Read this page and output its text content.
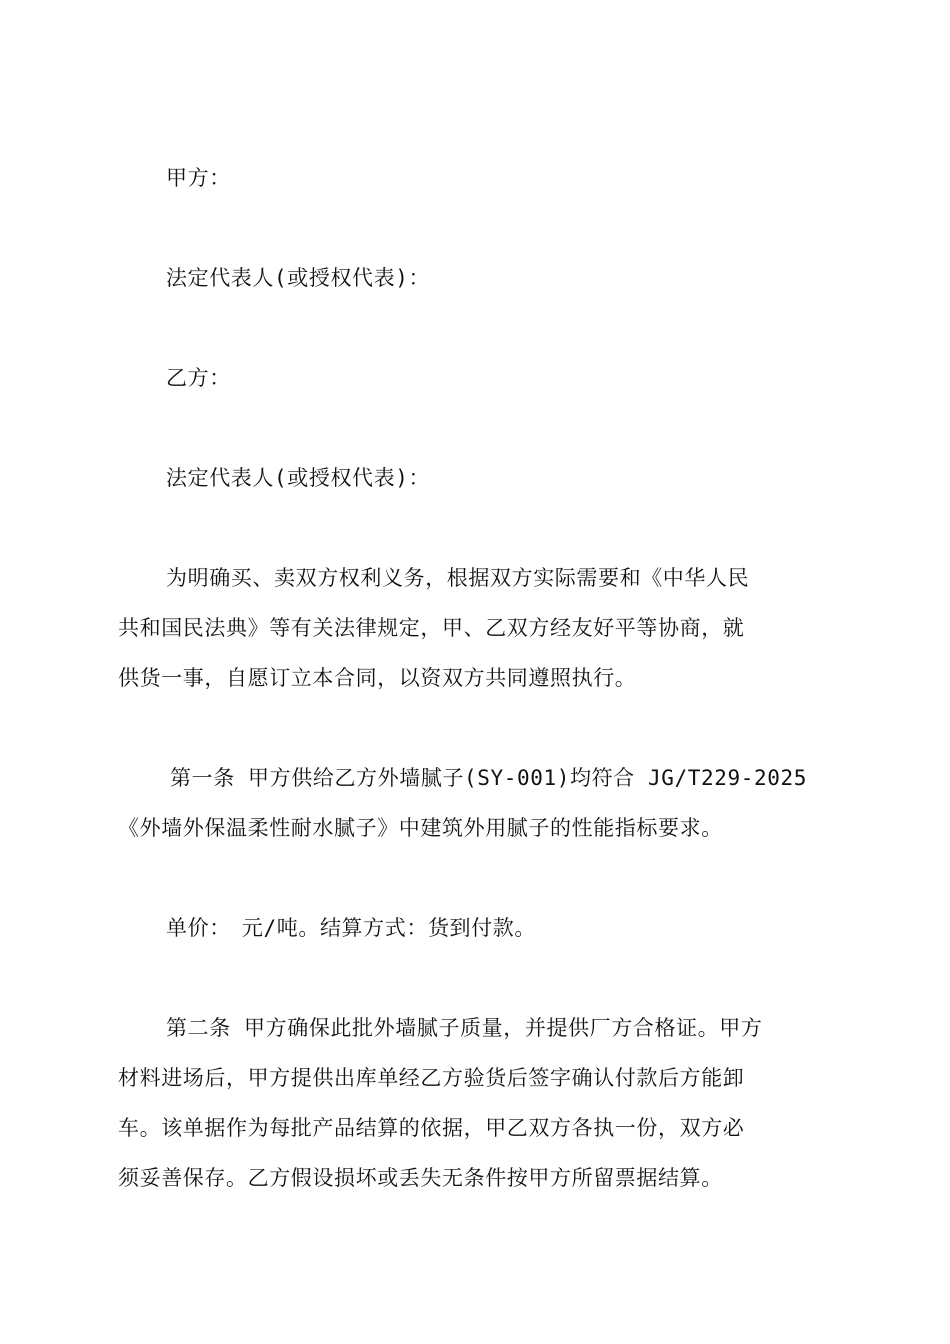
甲方：
法定代表人(或授权代表)：
乙方：
法定代表人(或授权代表)：
为明确买、卖双方权利义务，根据双方实际需要和《中华人民
共和国民法典》等有关法律规定，甲、乙双方经友好平等协商，就
供货一事，自愿订立本合同，以资双方共同遵照执行。
第一条 甲方供给乙方外墙腻子(SY-001)均符合 JG/T229-2025
《外墙外保温柔性耐水腻子》中建筑外用腻子的性能指标要求。
单价：　元/吨。结算方式：货到付款。
第二条 甲方确保此批外墙腻子质量，并提供厂方合格证。甲方
材料进场后，甲方提供出库单经乙方验货后签字确认付款后方能卸
车。该单据作为每批产品结算的依据，甲乙双方各执一份，双方必
须妥善保存。乙方假设损坏或丢失无条件按甲方所留票据结算。
